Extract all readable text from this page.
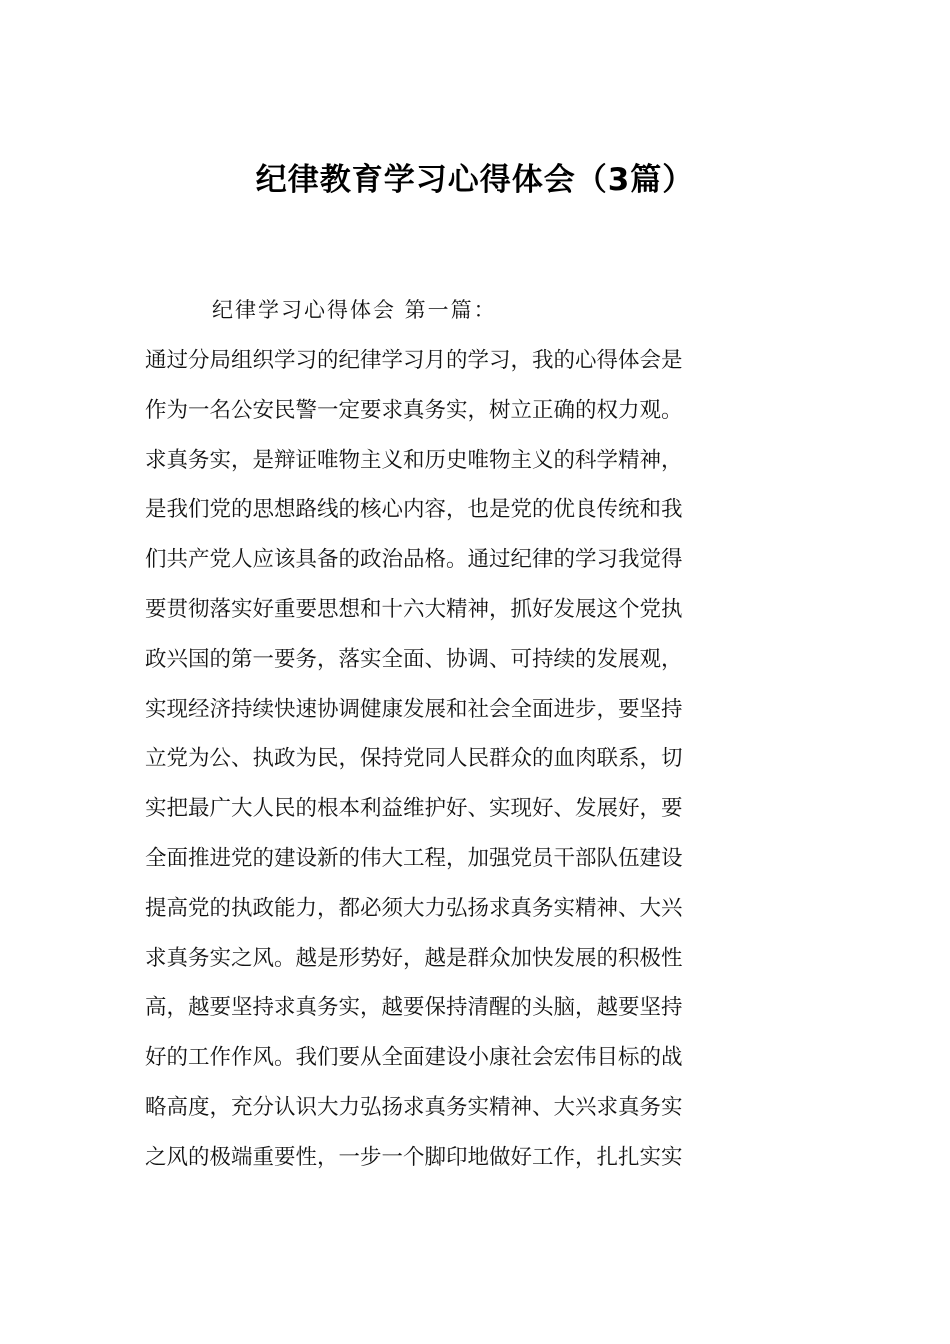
纪律教育学习心得体会（3篇）
纪律学习心得体会 第一篇：
通过分局组织学习的纪律学习月的学习，我的心得体会是
作为一名公安民警一定要求真务实，树立正确的权力观。
求真务实，是辩证唯物主义和历史唯物主义的科学精神，
是我们党的思想路线的核心内容，也是党的优良传统和我
们共产党人应该具备的政治品格。通过纪律的学习我觉得
要贯彻落实好重要思想和十六大精神，抓好发展这个党执
政兴国的第一要务，落实全面、协调、可持续的发展观，
实现经济持续快速协调健康发展和社会全面进步，要坚持
立党为公、执政为民，保持党同人民群众的血肉联系，切
实把最广大人民的根本利益维护好、实现好、发展好，要
全面推进党的建设新的伟大工程，加强党员干部队伍建设
提高党的执政能力，都必须大力弘扬求真务实精神、大兴
求真务实之风。越是形势好，越是群众加快发展的积极性
高，越要坚持求真务实，越要保持清醒的头脑，越要坚持
好的工作作风。我们要从全面建设小康社会宏伟目标的战
略高度，充分认识大力弘扬求真务实精神、大兴求真务实
之风的极端重要性，一步一个脚印地做好工作，扎扎实实
